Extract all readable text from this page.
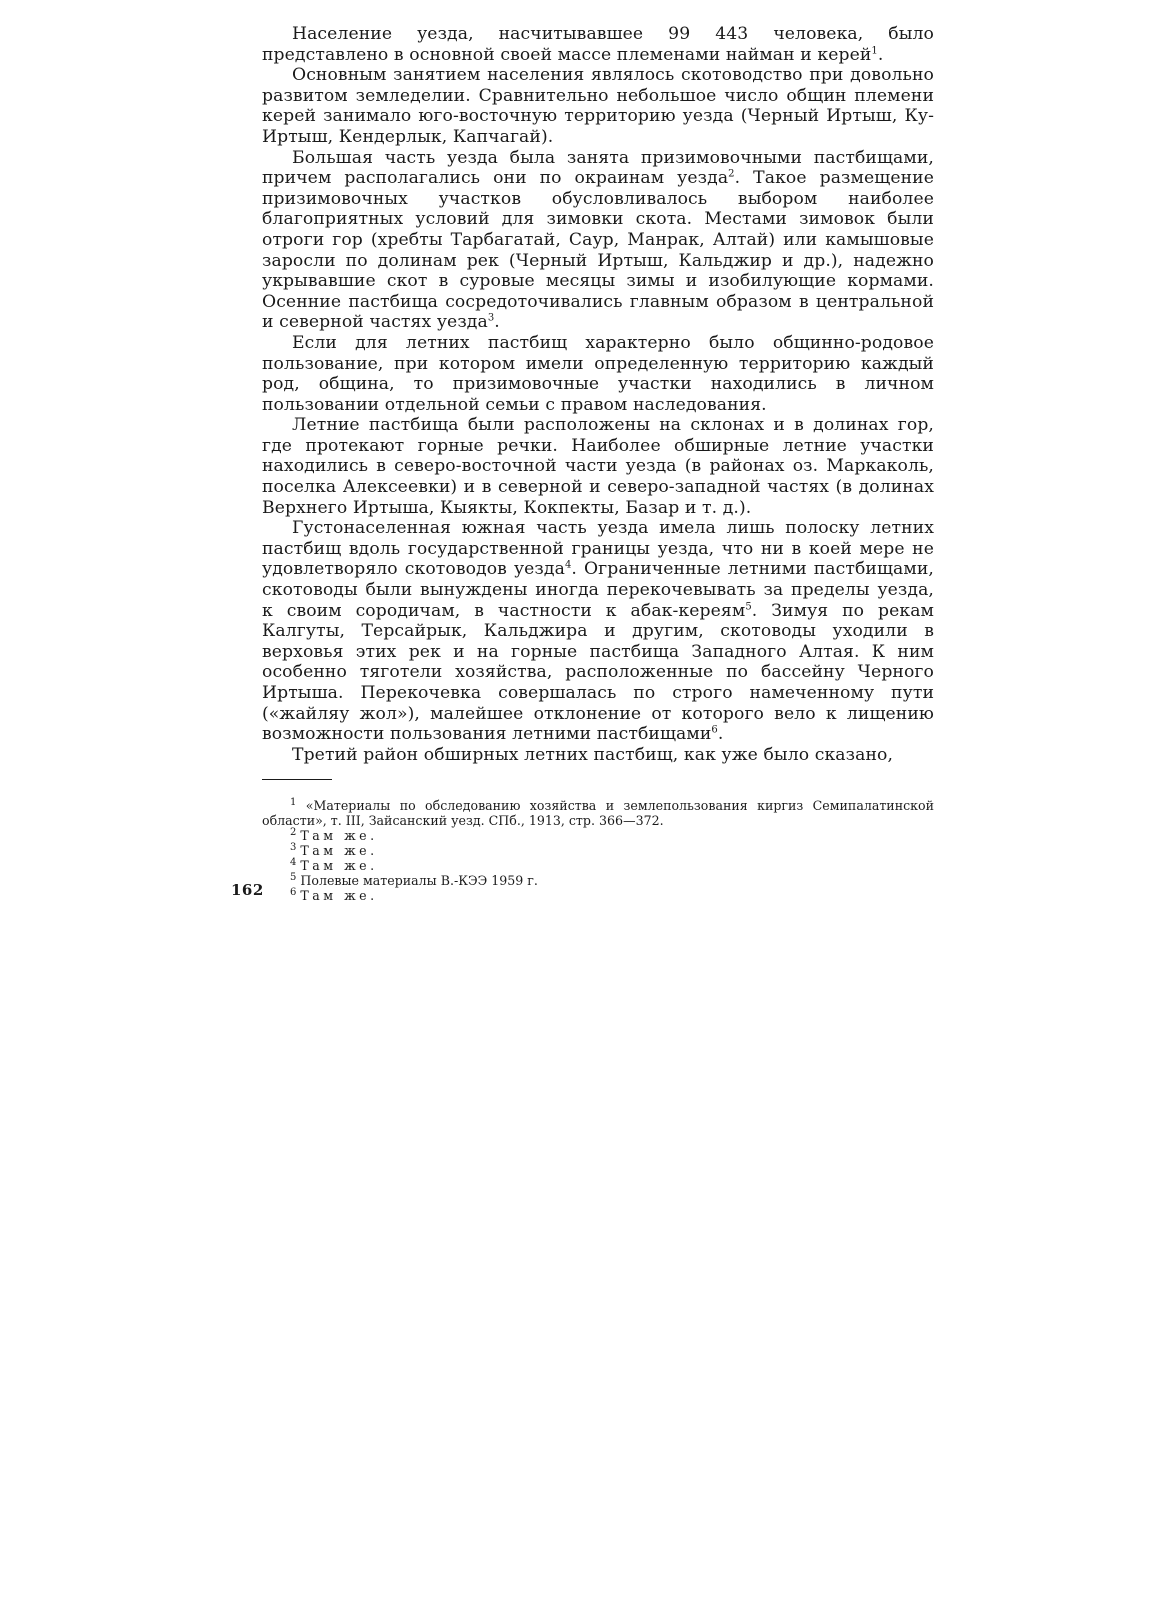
Население уезда, насчитывавшее 99 443 человека, было представлено в основной своей массе племенами найман и керей$^1$.

Основным занятием населения являлось скотоводство при довольно развитом земледелии. Сравнительно небольшое число общин племени керей занимало юго-восточную территорию уезда (Черный Иртыш, Ку-Иртыш, Кендерлык, Капчагай).

Большая часть уезда была занята призимовочными пастбищами, причем располагались они по окраинам уезда$^2$. Такое размещение призимовочных участков обусловливалось выбором наиболее благоприятных условий для зимовки скота. Местами зимовок были отроги гор (хребты Тарбагатай, Саур, Манрак, Алтай) или камышовые заросли по долинам рек (Черный Иртыш, Кальджир и др.), надежно укрывавшие скот в суровые месяцы зимы и изобилующие кормами. Осенние пастбища сосредоточивались главным образом в центральной и северной частях уезда$^3$.

Если для летних пастбищ характерно было общинно-родовое пользование, при котором имели определенную территорию каждый род, община, то призимовочные участки находились в личном пользовании отдельной семьи с правом наследования.

Летние пастбища были расположены на склонах и в долинах гор, где протекают горные речки. Наиболее обширные летние участки находились в северо-восточной части уезда (в районах оз. Маркаколь, поселка Алексеевки) и в северной и северо-западной частях (в долинах Верхнего Иртыша, Кыякты, Кокпекты, Базар и т. д.).

Густонаселенная южная часть уезда имела лишь полоску летних пастбищ вдоль государственной границы уезда, что ни в коей мере не удовлетворяло скотоводов уезда$^4$. Ограниченные летними пастбищами, скотоводы были вынуждены иногда перекочевывать за пределы уезда, к своим сородичам, в частности к абак-кереям$^5$. Зимуя по рекам Калгуты, Терсайрык, Кальджира и другим, скотоводы уходили в верховья этих рек и на горные пастбища Западного Алтая. К ним особенно тяготели хозяйства, расположенные по бассейну Черного Иртыша. Перекочевка совершалась по строго намеченному пути («жайляу жол»), малейшее отклонение от которого вело к лищению возможности пользования летними пастбищами$^6$.

Третий район обширных летних пастбищ, как уже было сказано,

$^1$ «Материалы по обследованию хозяйства и землепользования киргиз Семипалатинской области», т. III, Зайсанский уезд. СПб., 1913, стр. 366—372.

$^2$ Там же.

$^3$ Там же.

$^4$ Там же.

$^5$ Полевые материалы В.-КЭЭ 1959 г.

$^6$ Там же.

162
